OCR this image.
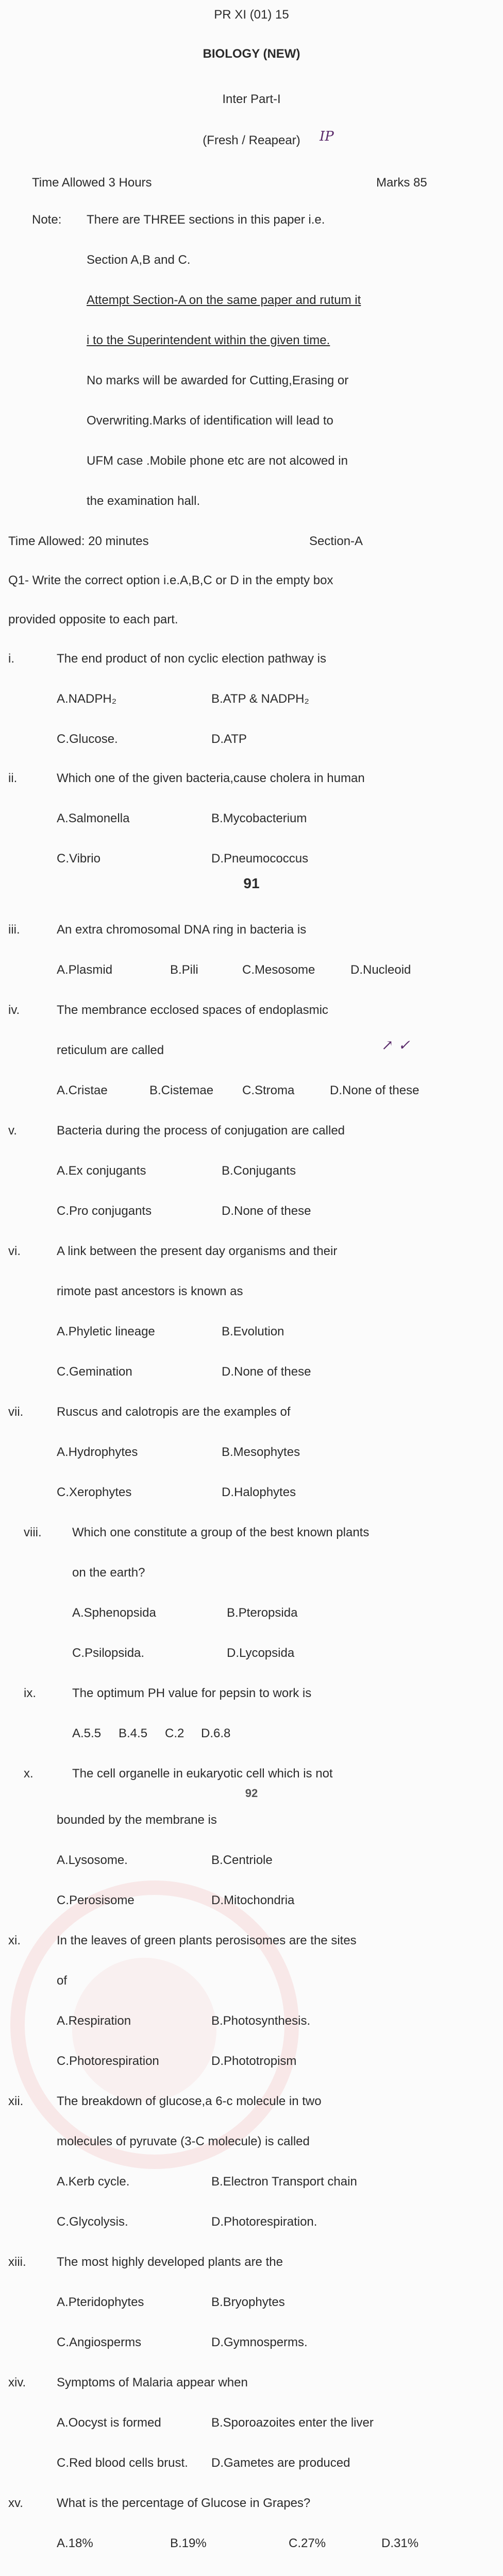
PR XI (01) 15
BIOLOGY (NEW)
Inter Part-I
(Fresh / Reapear)	IP
Time Allowed 3 Hours	Marks 85
Note: There are THREE sections in this paper i.e.
Section A,B and C.
Attempt Section-A on the same paper and rutum it
i to the Superintendent within the given time.
No marks will be awarded for Cutting,Erasing or
Overwriting.Marks of identification will lead to
UFM case .Mobile phone etc are not alcowed in
the examination hall.
Time Allowed: 20 minutes	Section-A
Q1- Write the correct option i.e.A,B,C or D in the empty box
provided opposite to each part.
i.	The end product of non cyclic election pathway is
A.NADPH₂	B.ATP & NADPH₂
C.Glucose.	D.ATP
ii.	Which one of the given bacteria,cause cholera in human
A.Salmonella	B.Mycobacterium
C.Vibrio	D.Pneumococcus
91
iii.	An extra chromosomal DNA ring in bacteria is
A.Plasmid	B.Pili	C.Mesosome	D.Nucleoid
iv.	The membrance ecclosed spaces of endoplasmic
reticulum are called	↗ ✓
A.Cristae	B.Cistemae C.Stroma	D.None of these
v.	Bacteria during the process of conjugation are called
A.Ex conjugants	B.Conjugants
C.Pro conjugants	D.None of these
vi.	A link between the present day organisms and their
rimote past ancestors is known as
A.Phyletic lineage	B.Evolution
C.Gemination	D.None of these
vii.	Ruscus and calotropis are the examples of
A.Hydrophytes	B.Mesophytes
C.Xerophytes	D.Halophytes
viii. Which one constitute a group of the best known plants
on the earth?
A.Sphenopsida	B.Pteropsida
C.Psilopsida.	D.Lycopsida
ix.	The optimum PH value for pepsin to work is
A.5.5 B.4.5 C.2 D.6.8
x.	The cell organelle in eukaryotic cell which is not
92
bounded by the membrane is
A.Lysosome.	B.Centriole
C.Perosisome	D.Mitochondria
xi.	In the leaves of green plants perosisomes are the sites
of
A.Respiration	B.Photosynthesis.
C.Photorespiration	D.Phototropism
xii.	The breakdown of glucose,a 6-c molecule in two
molecules of pyruvate (3-C molecule) is called
A.Kerb cycle.	B.Electron Transport chain
C.Glycolysis.	D.Photorespiration.
xiii. The most highly developed plants are the
A.Pteridophytes	B.Bryophytes
C.Angiosperms	D.Gymnosperms.
xiv. Symptoms of Malaria appear when
A.Oocyst is formed	B.Sporoazoites enter the liver
C.Red blood cells brust. D.Gametes are produced
xv.	What is the percentage of Glucose in Grapes?
A.18%	B.19%	C.27%	D.31%
